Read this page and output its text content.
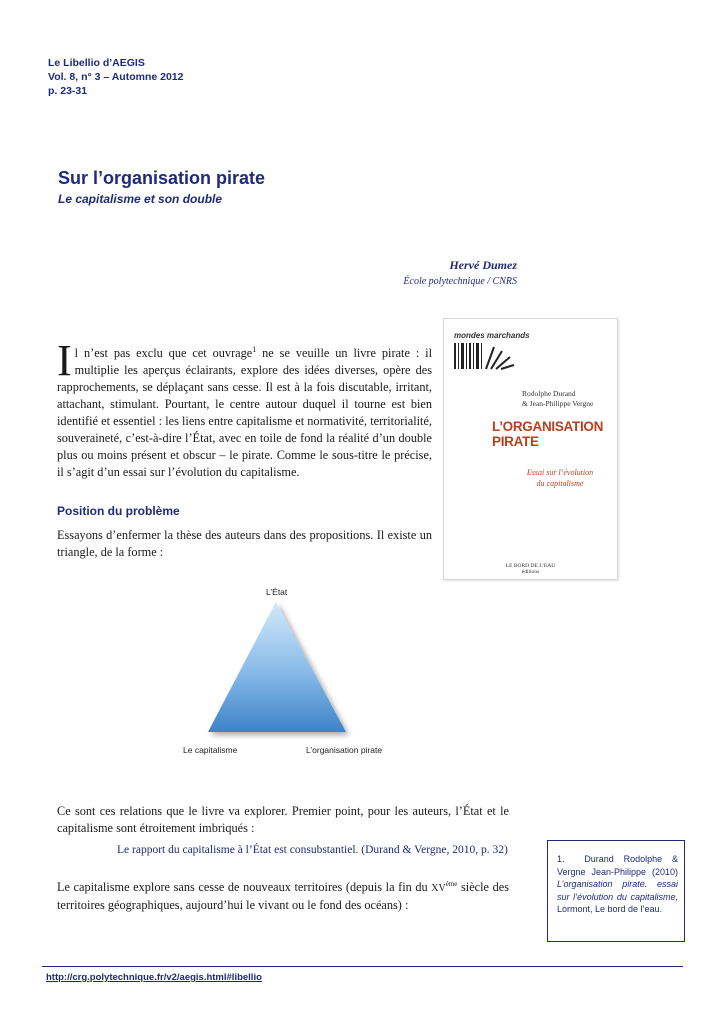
Le Libellio d’AEGIS
Vol. 8, n° 3 – Automne 2012
p. 23-31
Sur l’organisation pirate
Le capitalisme et son double
Hervé Dumez
École polytechnique / CNRS
Il n’est pas exclu que cet ouvrage$^1$ ne se veuille un livre pirate : il multiplie les aperçus éclairants, explore des idées diverses, opère des rapprochements, se déplaçant sans cesse. Il est à la fois discutable, irritant, attachant, stimulant. Pourtant, le centre autour duquel il tourne est bien identifié et essentiel : les liens entre capitalisme et normativité, territorialité, souveraineté, c’est-à-dire l’État, avec en toile de fond la réalité d’un double plus ou moins présent et obscur – le pirate. Comme le sous-titre le précise, il s’agit d’un essai sur l’évolution du capitalisme.
mondes marchands
Rodolphe Durand
& Jean-Philippe Vergne
L’ORGANISATION
PIRATE
Essai sur l’évolution
du capitalisme
LE BORD DE L’EAU
éditions
Position du problème
Essayons d’enfermer la thèse des auteurs dans des propositions. Il existe un triangle, de la forme :
L’État
Le capitalisme	L’organisation pirate
Ce sont ces relations que le livre va explorer. Premier point, pour les auteurs, l’État et le capitalisme sont étroitement imbriqués :
Le rapport du capitalisme à l’État est consubstantiel. (Durand & Vergne, 2010, p. 32)
Le capitalisme explore sans cesse de nouveaux territoires (depuis la fin du XVème siècle des territoires géographiques, aujourd’hui le vivant ou le fond des océans) :
1. Durand Rodolphe & Vergne Jean-Philippe (2010) L’organisation pirate. essai sur l’évolution du capitalisme, Lormont, Le bord de l’eau.
http://crg.polytechnique.fr/v2/aegis.html#libellio
